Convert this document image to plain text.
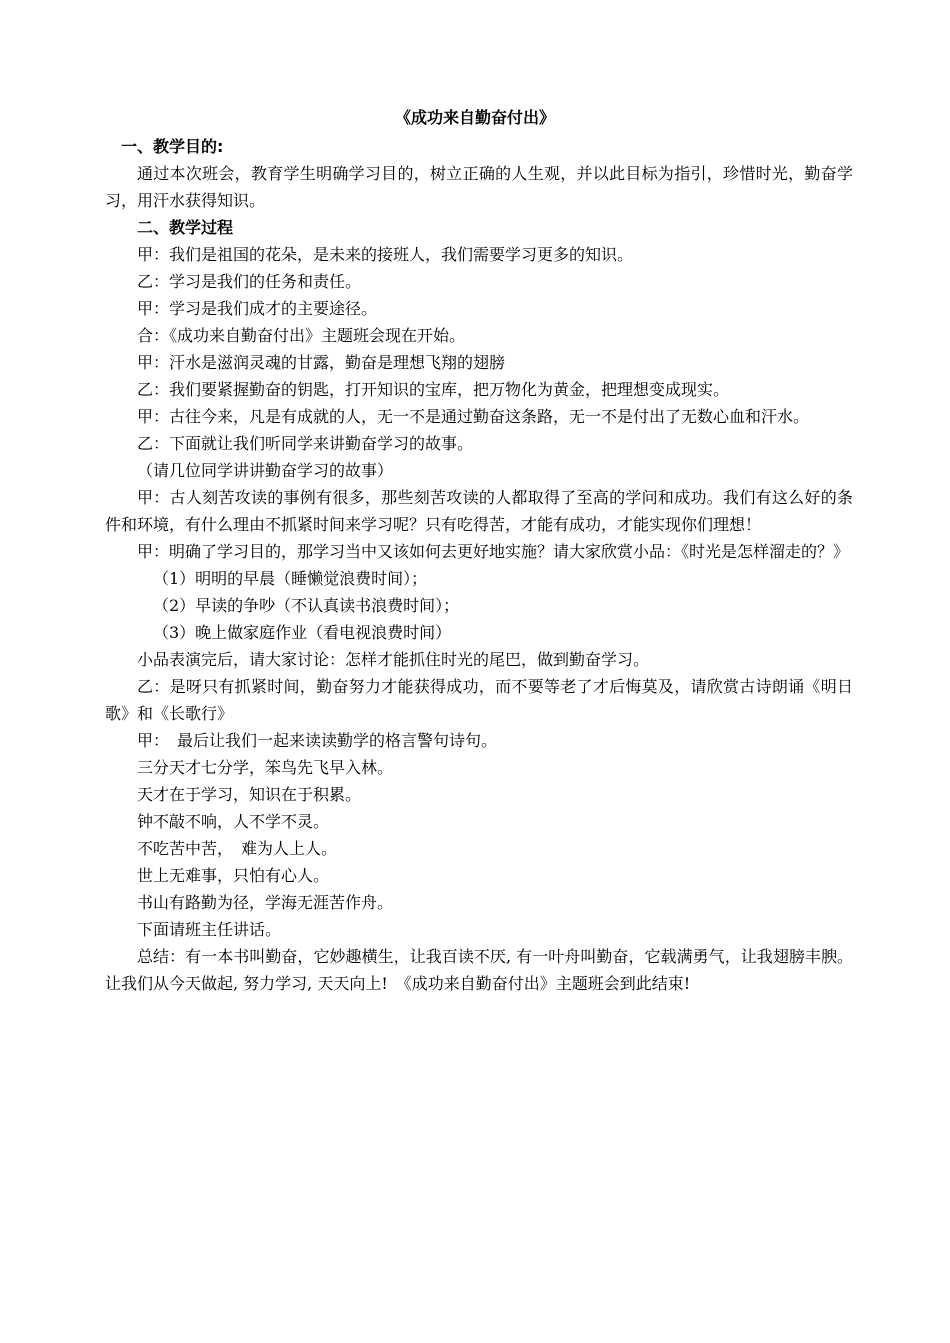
《成功来自勤奋付出》

一、教学目的:

通过本次班会，教育学生明确学习目的，树立正确的人生观，并以此目标为指引，珍惜时光，勤奋学习，用汗水获得知识。

二、教学过程

甲：我们是祖国的花朵，是未来的接班人，我们需要学习更多的知识。

乙：学习是我们的任务和责任。

甲：学习是我们成才的主要途径。

合：《成功来自勤奋付出》主题班会现在开始。

甲：汗水是滋润灵魂的甘露，勤奋是理想飞翔的翅膀

乙：我们要紧握勤奋的钥匙，打开知识的宝库，把万物化为黄金，把理想变成现实。

甲：古往今来，凡是有成就的人，无一不是通过勤奋这条路，无一不是付出了无数心血和汗水。

乙：下面就让我们听同学来讲勤奋学习的故事。

（请几位同学讲讲勤奋学习的故事）

甲：古人刻苦攻读的事例有很多，那些刻苦攻读的人都取得了至高的学问和成功。我们有这么好的条件和环境，有什么理由不抓紧时间来学习呢？只有吃得苦，才能有成功，才能实现你们理想！

甲：明确了学习目的，那学习当中又该如何去更好地实施？请大家欣赏小品：《时光是怎样溜走的？》

（1）明明的早晨（睡懒觉浪费时间）；

（2）早读的争吵（不认真读书浪费时间）；

（3）晚上做家庭作业（看电视浪费时间）

小品表演完后，请大家讨论：怎样才能抓住时光的尾巴，做到勤奋学习。

乙：是呀只有抓紧时间，勤奋努力才能获得成功，而不要等老了才后悔莫及，请欣赏古诗朗诵《明日歌》和《长歌行》

甲：　最后让我们一起来读读勤学的格言警句诗句。

三分天才七分学，笨鸟先飞早入林。

天才在于学习，知识在于积累。

钟不敲不响，人不学不灵。

不吃苦中苦，　难为人上人。

世上无难事，只怕有心人。

书山有路勤为径，学海无涯苦作舟。

下面请班主任讲话。

总结：有一本书叫勤奋，它妙趣横生，让我百读不厌, 有一叶舟叫勤奋，它载满勇气，让我翅膀丰腴。让我们从今天做起, 努力学习, 天天向上!　《成功来自勤奋付出》主题班会到此结束!
